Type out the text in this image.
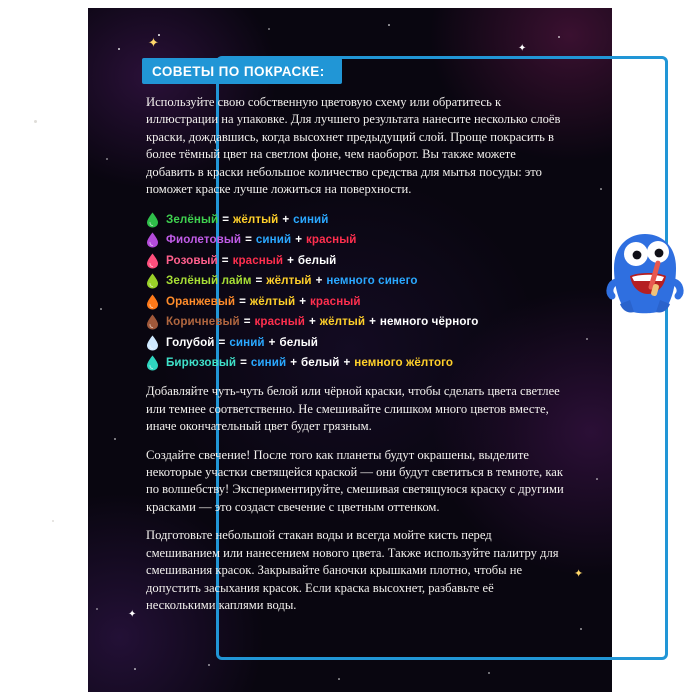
✦	✦
✦
✦
СОВЕТЫ ПО ПОКРАСКЕ:

Используйте свою собственную цветовую схему или обратитесь к иллюстрации на упаковке. Для лучшего результата нанесите несколько слоёв краски, дождавшись, когда высохнет предыдущий слой. Проще покрасить в более тёмный цвет на светлом фоне, чем наоборот. Вы также можете добавить в краски небольшое количество средства для мытья посуды: это поможет краске лучше ложиться на поверхности.

Зелёный = жёлтый + синий
Фиолетовый = синий + красный
Розовый = красный + белый
Зелёный лайм = жёлтый + немного синего
Оранжевый = жёлтый + красный
Коричневый = красный + жёлтый + немного чёрного
Голубой = синий + белый
Бирюзовый = синий + белый + немного жёлтого

Добавляйте чуть-чуть белой или чёрной краски, чтобы сделать цвета светлее или темнее соответственно. Не смешивайте слишком много цветов вместе, иначе окончательный цвет будет грязным.

Создайте свечение! После того как планеты будут окрашены, выделите некоторые участки светящейся краской — они будут светиться в темноте, как по волшебству! Экспериментируйте, смешивая светящуюся краску с другими красками — это создаст свечение с цветным оттенком.

Подготовьте небольшой стакан воды и всегда мойте кисть перед смешиванием или нанесением нового цвета. Также используйте палитру для смешивания красок. Закрывайте баночки крышками плотно, чтобы не допустить засыхания красок. Если краска высохнет, разбавьте её несколькими каплями воды.
